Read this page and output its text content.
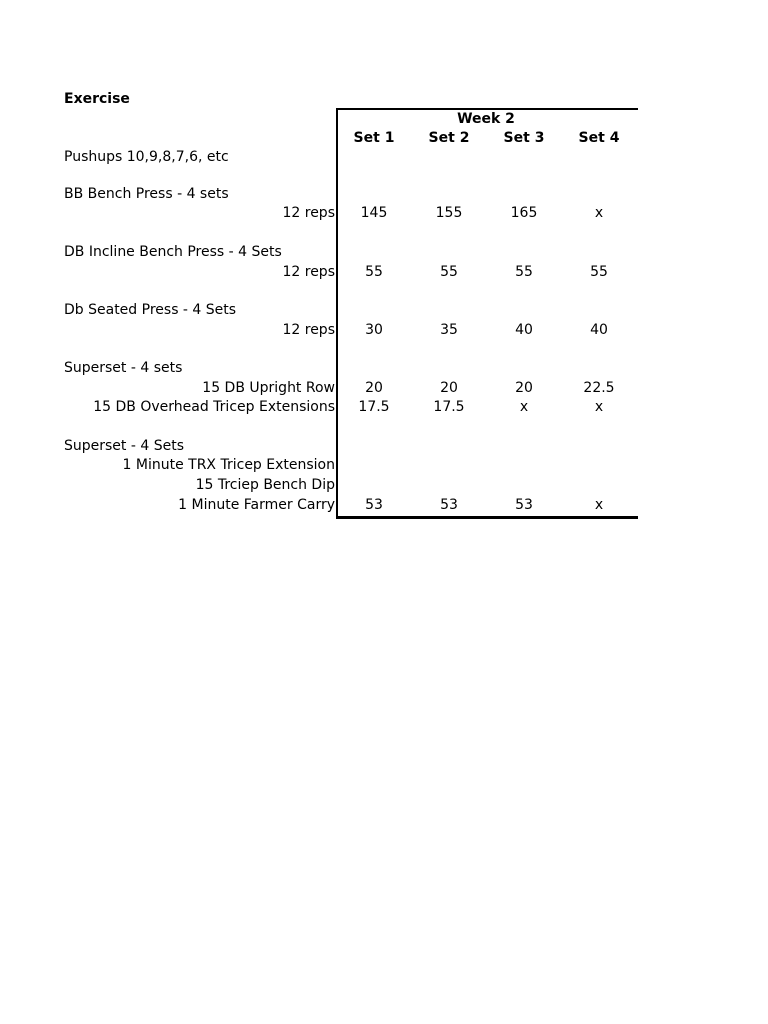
Exercise
Week 2
Set 1	Set 2	Set 3	Set 4
Pushups 10,9,8,7,6, etc
BB Bench Press - 4 sets
12 reps	145	155	165	x
DB Incline Bench Press - 4 Sets
12 reps	55	55	55	55
Db Seated Press - 4 Sets
12 reps	30	35	40	40
Superset - 4 sets
15 DB Upright Row	20	20	20	22.5
15 DB Overhead Tricep Extensions	17.5	17.5	x	x
Superset - 4 Sets
1 Minute TRX Tricep Extension
15 Trciep Bench Dip
1 Minute Farmer Carry	53	53	53	x
